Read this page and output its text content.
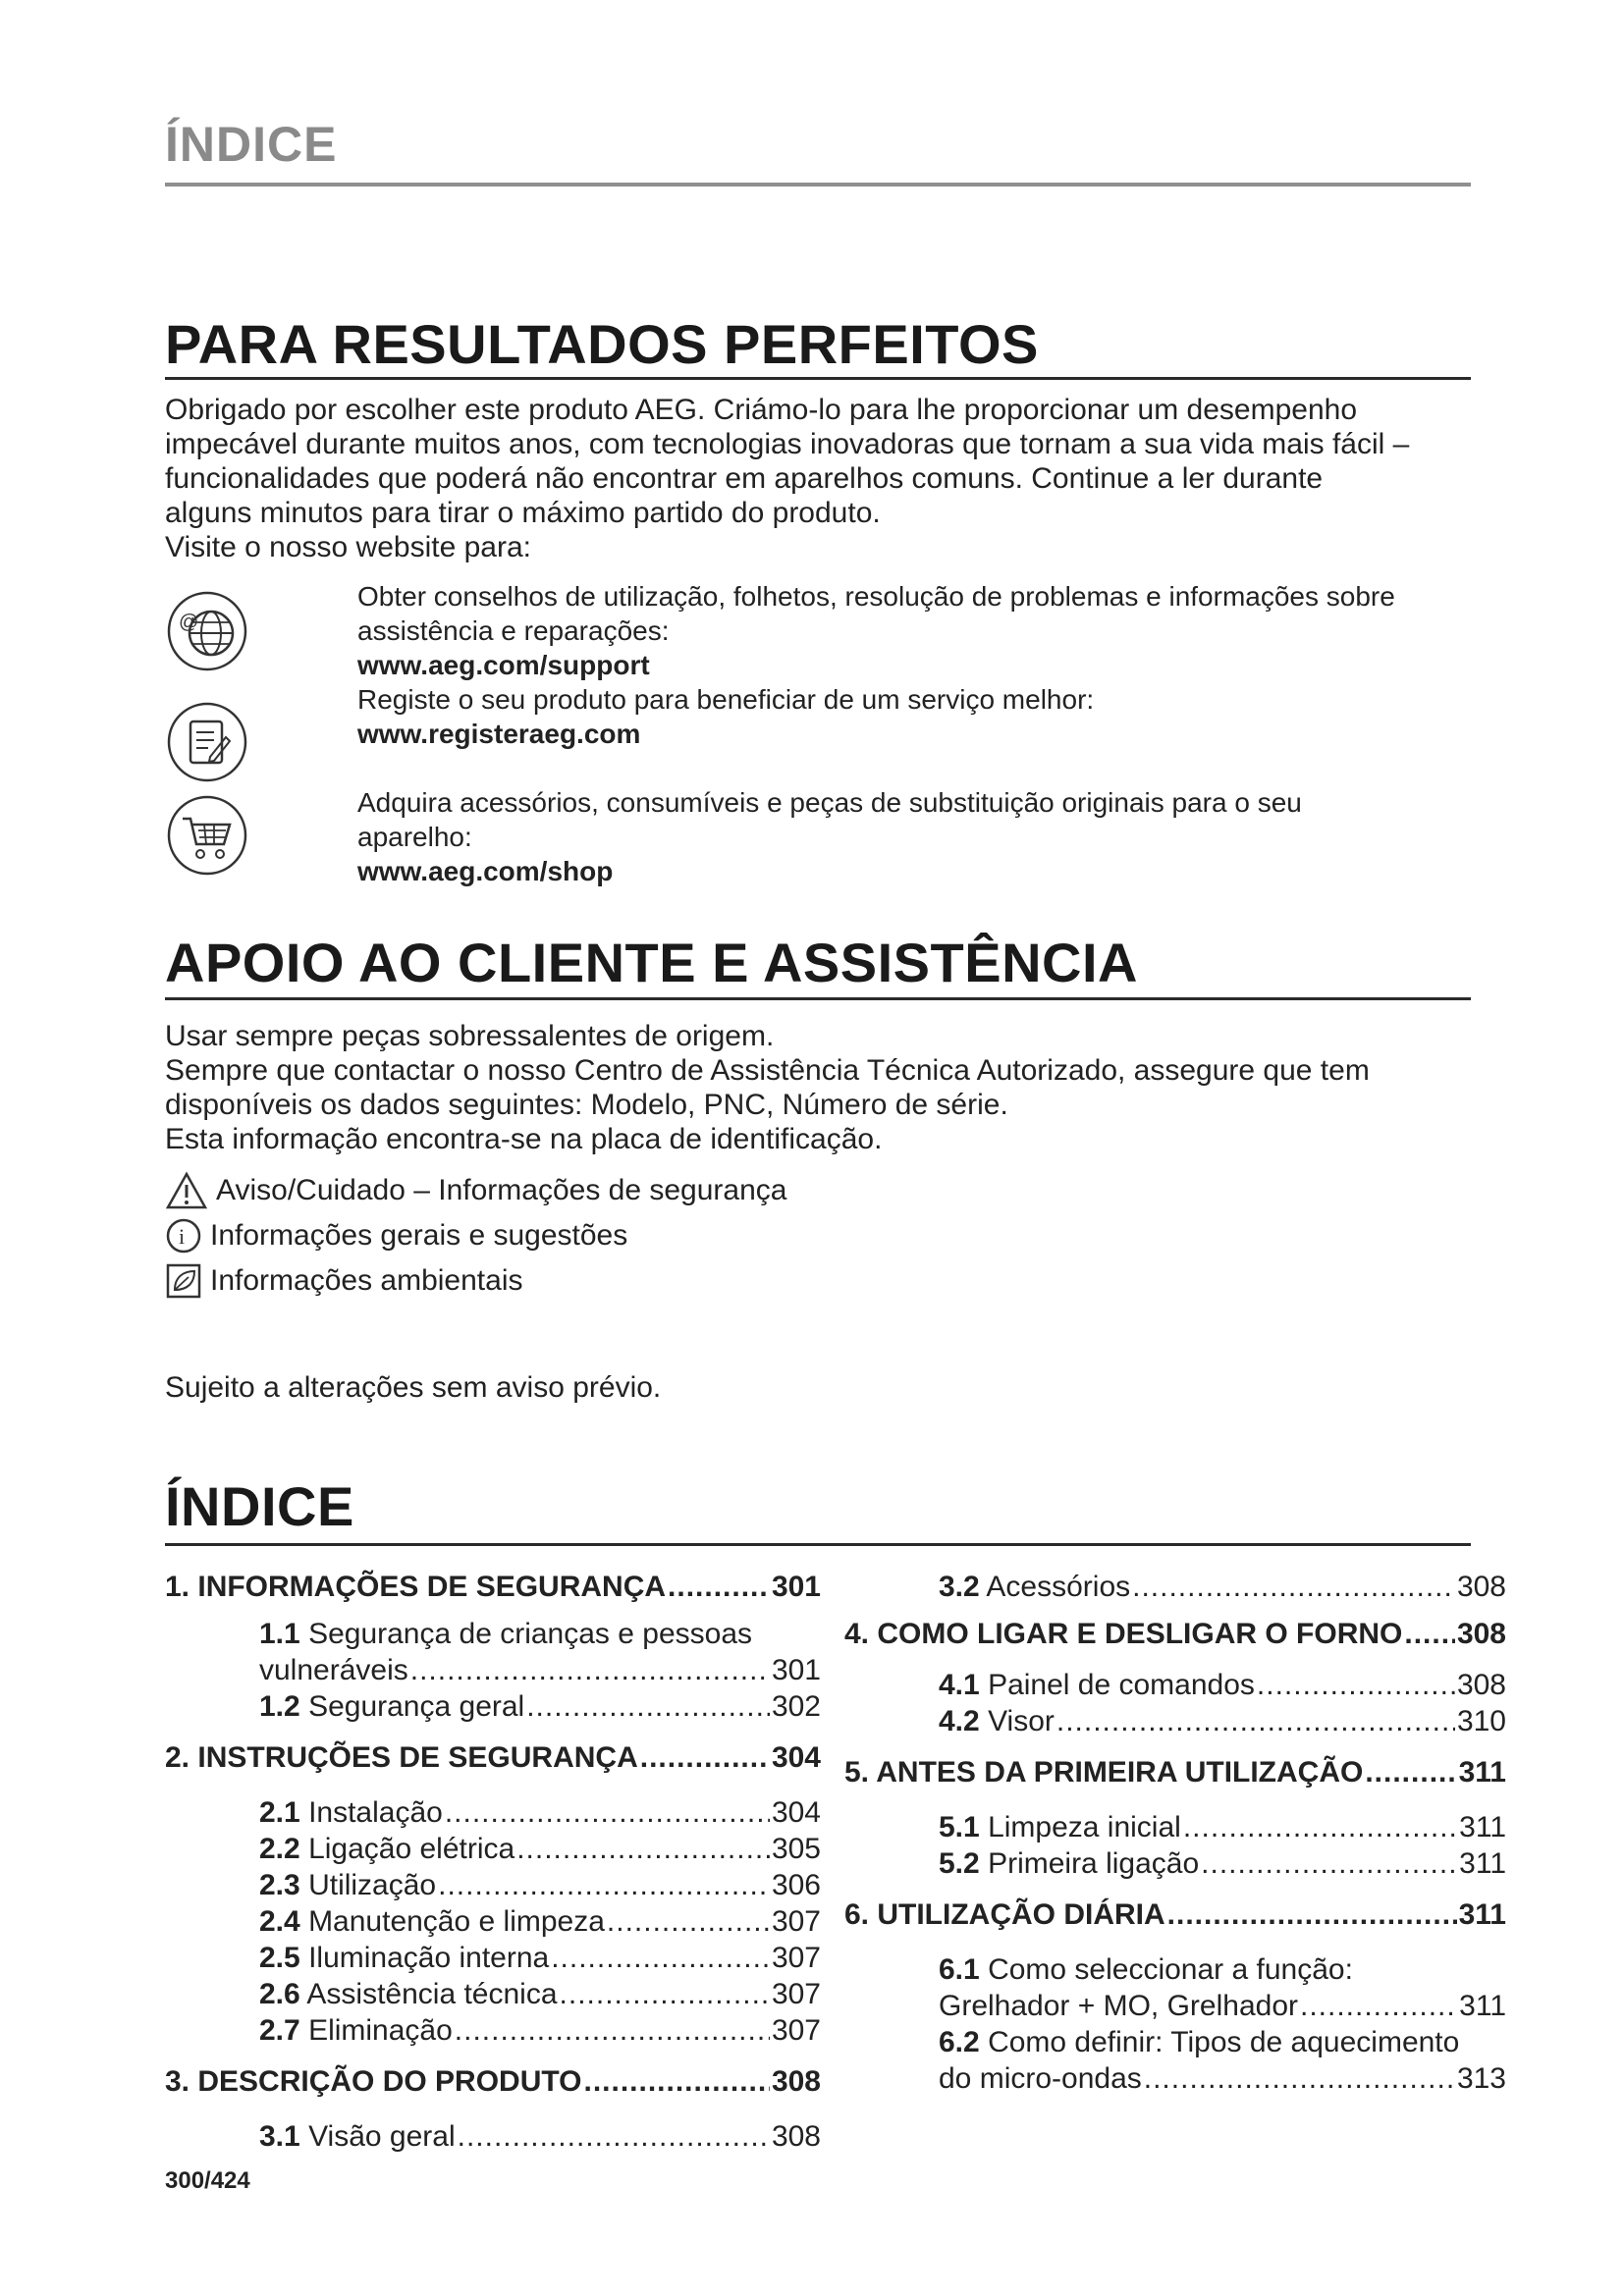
ÍNDICE
PARA RESULTADOS PERFEITOS

Obrigado por escolher este produto AEG. Criámo-lo para lhe proporcionar um desempenho

impecável durante muitos anos, com tecnologias inovadoras que tornam a sua vida mais fácil –

funcionalidades que poderá não encontrar em aparelhos comuns. Continue a ler durante

alguns minutos para tirar o máximo partido do produto.

Visite o nosso website para:

@
Obter conselhos de utilização, folhetos, resolução de problemas e informações sobre
assistência e reparações:
www.aeg.com/support
Registe o seu produto para beneficiar de um serviço melhor:
www.registeraeg.com
Adquira acessórios, consumíveis e peças de substituição originais para o seu
aparelho:
www.aeg.com/shop
APOIO AO CLIENTE E ASSISTÊNCIA

Usar sempre peças sobressalentes de origem.

Sempre que contactar o nosso Centro de Assistência Técnica Autorizado, assegure que tem

disponíveis os dados seguintes: Modelo, PNC, Número de série.

Esta informação encontra-se na placa de identificação.

Aviso/Cuidado – Informações de segurança
i Informações gerais e sugestões
Informações ambientais
Sujeito a alterações sem aviso prévio.
ÍNDICE
1. INFORMAÇÕES DE SEGURANÇA .....	301
1.1 Segurança de crianças e pessoas
vulneráveis .....	301
1.2 Segurança geral .....	302
2. INSTRUÇÕES DE SEGURANÇA .....	304
2.1 Instalação .....	304
2.2 Ligação elétrica .....	305
2.3 Utilização .....	306
2.4 Manutenção e limpeza .....	307
2.5 Iluminação interna .....	307
2.6 Assistência técnica .....	307
2.7 Eliminação .....	307
3. DESCRIÇÃO DO PRODUTO .....	308
3.1 Visão geral .....	308
3.2 Acessórios .....	308
4. COMO LIGAR E DESLIGAR O FORNO ..... 308
4.1 Painel de comandos .....	308
4.2 Visor .....	310
5. ANTES DA PRIMEIRA UTILIZAÇÃO .....	311
5.1 Limpeza inicial .....	311
5.2 Primeira ligação .....	311
6. UTILIZAÇÃO DIÁRIA .....	311
6.1 Como seleccionar a função:
Grelhador + MO, Grelhador .....	311
6.2 Como definir: Tipos de aquecimento
do micro-ondas .....	313
300/424
